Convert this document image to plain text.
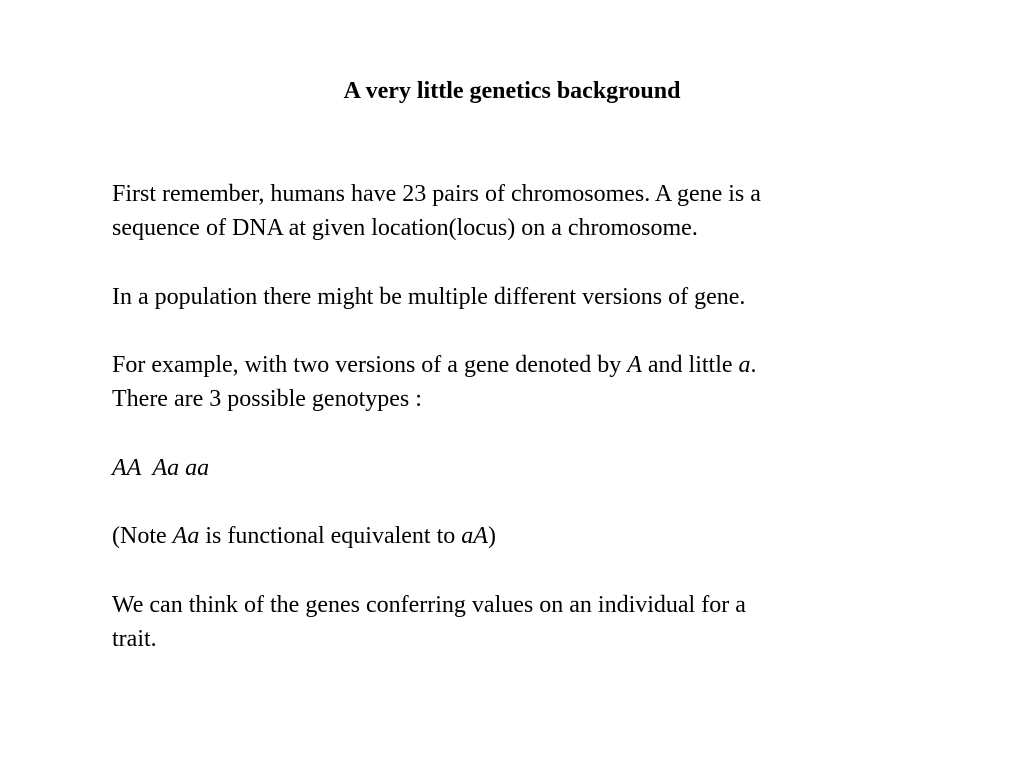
A very little genetics background

First remember, humans have 23 pairs of chromosomes. A gene is a
sequence of DNA at given location(locus) on a chromosome.

In a population there might be multiple different versions of gene.

For example, with two versions of a gene denoted by A and little a.
There are 3 possible genotypes :

AA  Aa aa

(Note Aa is functional equivalent to aA)

We can think of the genes conferring values on an individual for a
trait.
